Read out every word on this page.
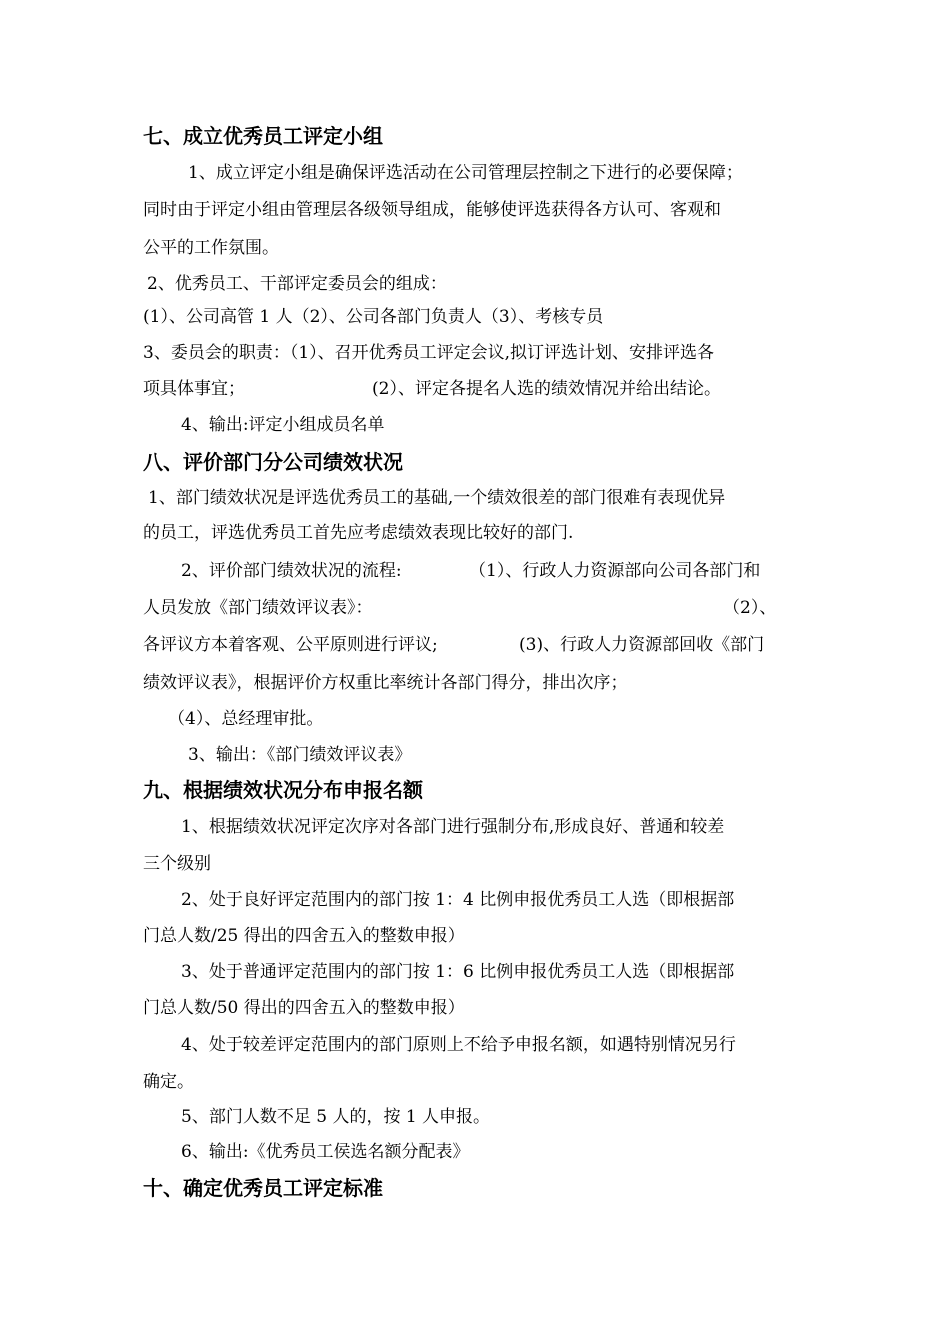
七、成立优秀员工评定小组
1、成立评定小组是确保评选活动在公司管理层控制之下进行的必要保障；
同时由于评定小组由管理层各级领导组成，能够使评选获得各方认可、客观和
公平的工作氛围。
2、优秀员工、干部评定委员会的组成：
(1）、公司高管 1 人（2）、公司各部门负责人（3）、考核专员
3、委员会的职责：（1）、召开优秀员工评定会议,拟订评选计划、安排评选各
项具体事宜；	(2）、评定各提名人选的绩效情况并给出结论。
4、输出:评定小组成员名单
八、评价部门分公司绩效状况
1、部门绩效状况是评选优秀员工的基础,一个绩效很差的部门很难有表现优异
的员工，评选优秀员工首先应考虑绩效表现比较好的部门.
2、评价部门绩效状况的流程:	（1）、行政人力资源部向公司各部门和
人员发放《部门绩效评议表》：	（2）、
各评议方本着客观、公平原则进行评议;	(3)、行政人力资源部回收《部门
绩效评议表》，根据评价方权重比率统计各部门得分，排出次序；
（4）、总经理审批。
3、输出：《部门绩效评议表》
九、根据绩效状况分布申报名额
1、根据绩效状况评定次序对各部门进行强制分布,形成良好、普通和较差
三个级别
2、处于良好评定范围内的部门按 1：4 比例申报优秀员工人选（即根据部
门总人数/25 得出的四舍五入的整数申报）
3、处于普通评定范围内的部门按 1：6 比例申报优秀员工人选（即根据部
门总人数/50 得出的四舍五入的整数申报）
4、处于较差评定范围内的部门原则上不给予申报名额，如遇特别情况另行
确定。
5、部门人数不足 5 人的，按 1 人申报。
6、输出:《优秀员工侯选名额分配表》
十、确定优秀员工评定标准
